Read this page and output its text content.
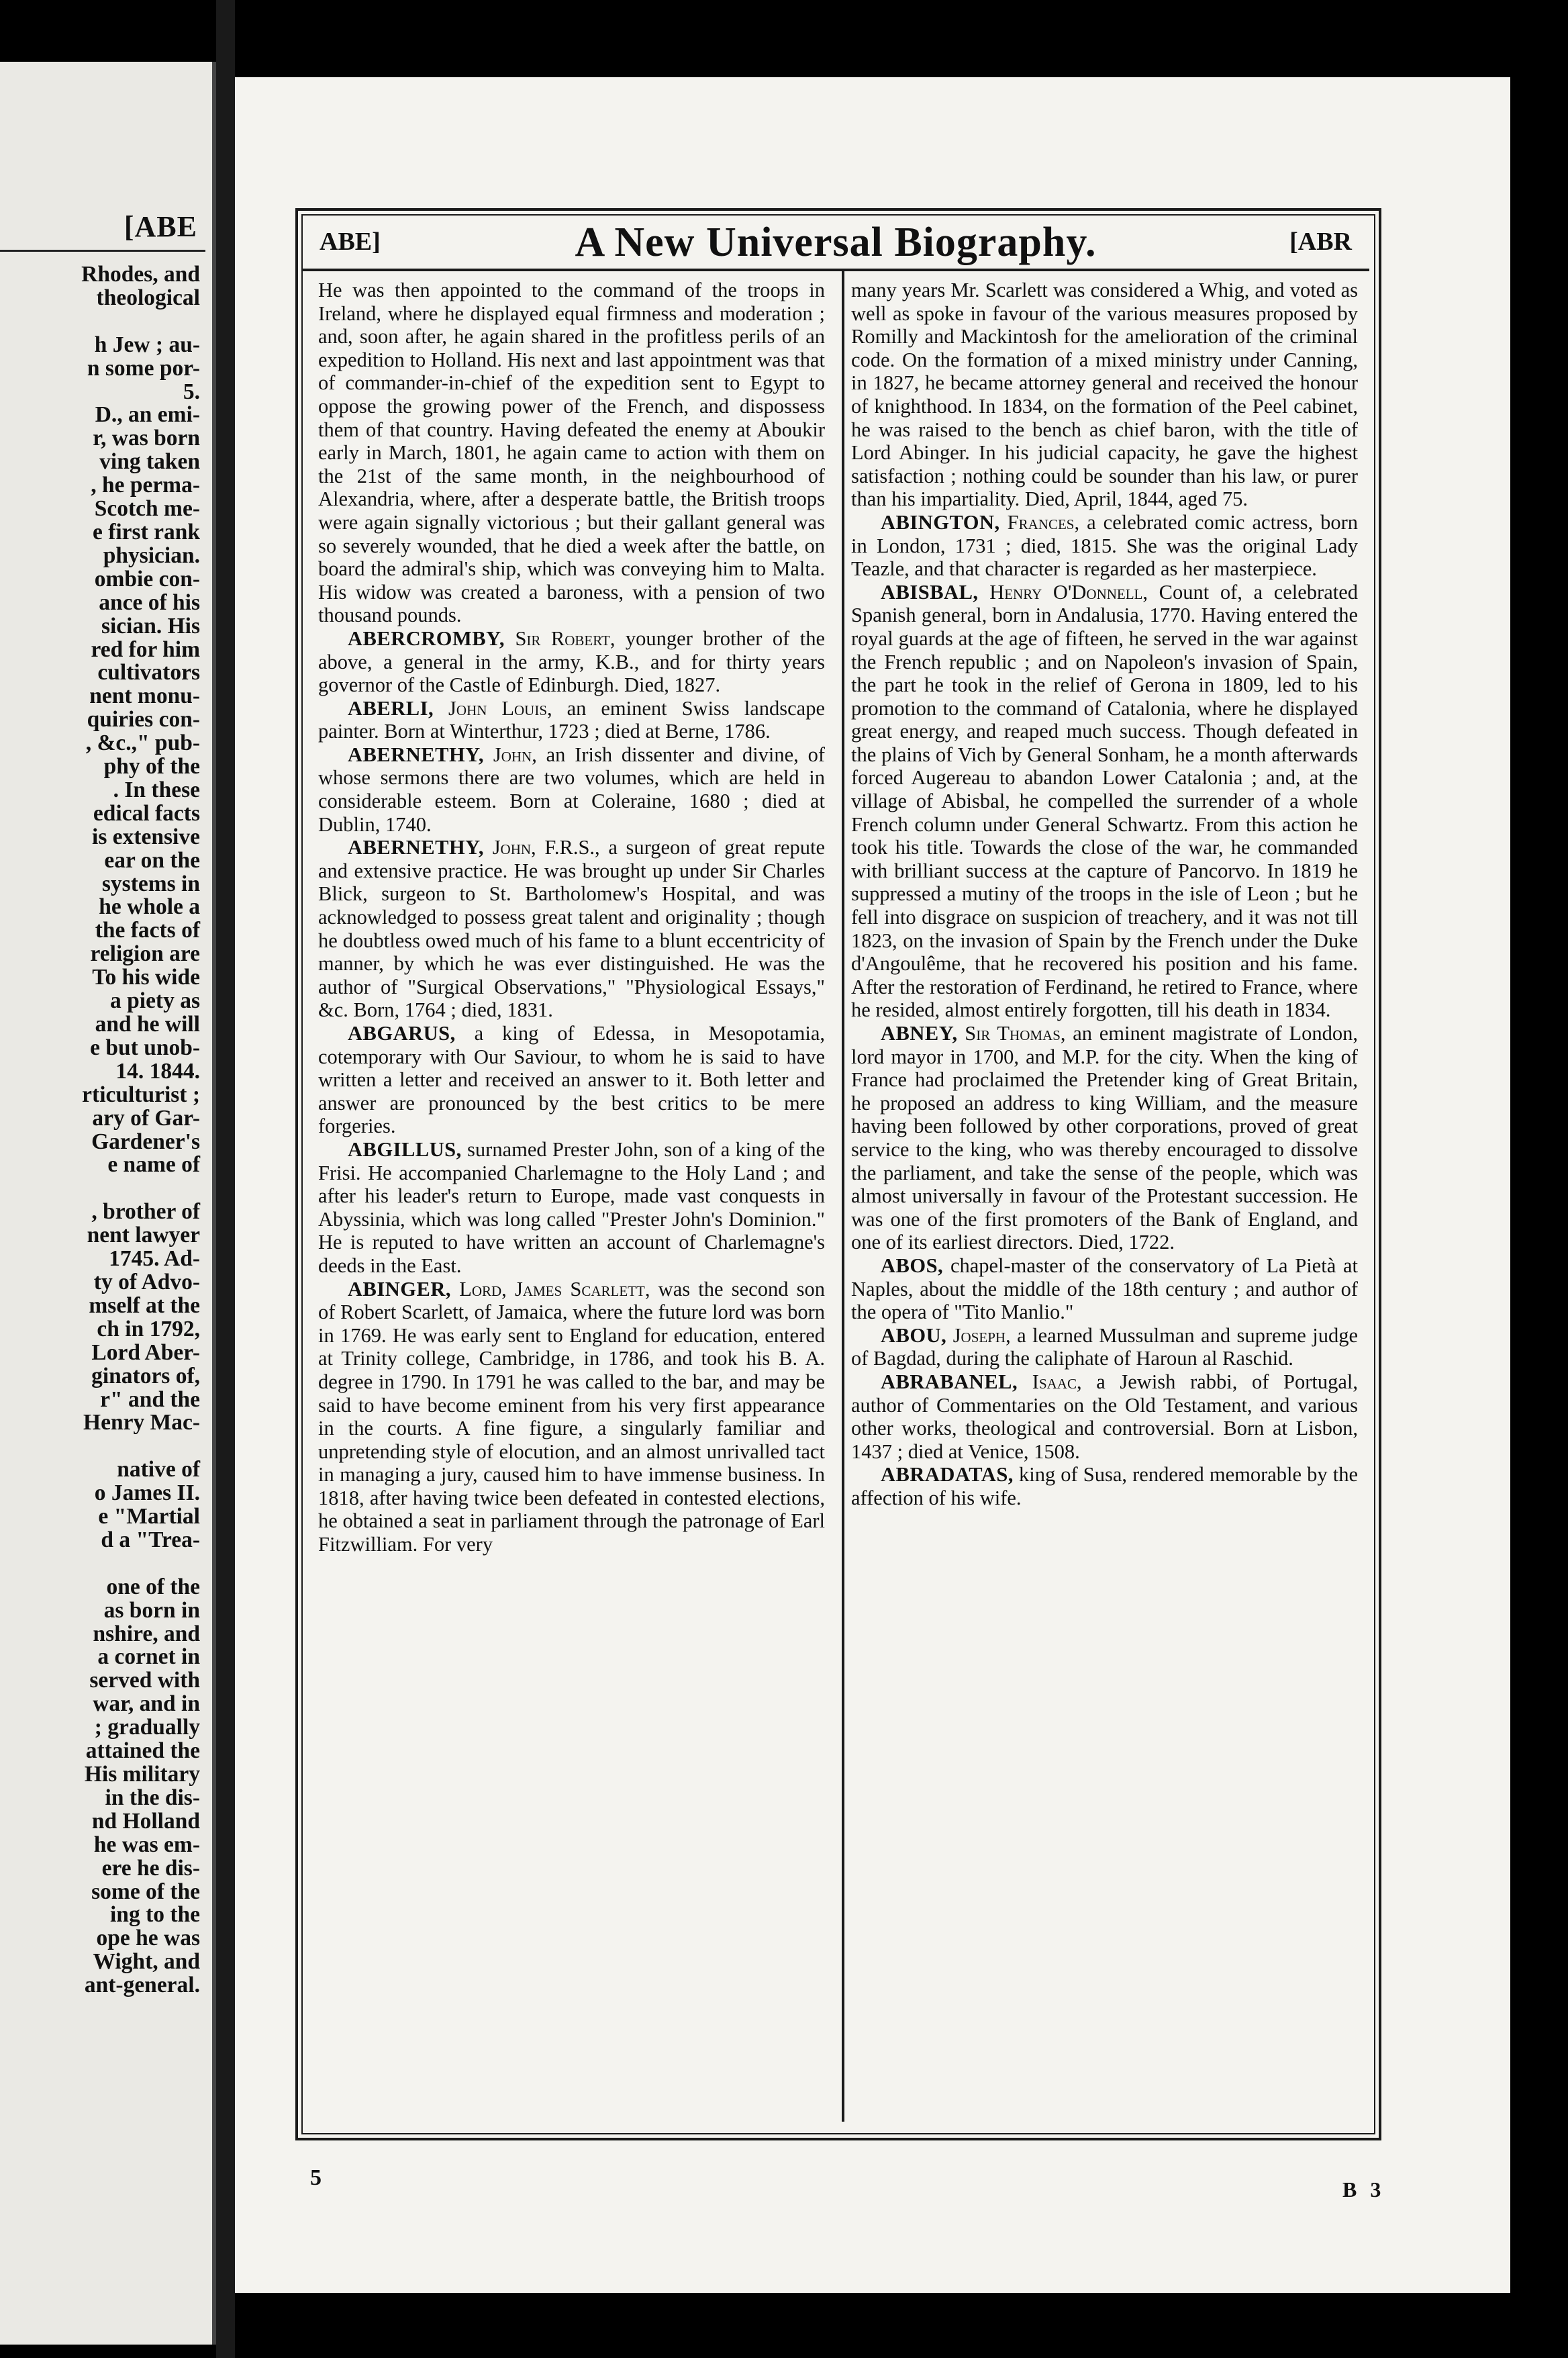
[ABE
Rhodes, and
theological

h Jew ; au-
n some por-
5.
D., an emi-
r, was born
ving taken
, he perma-
Scotch me-
e first rank
physician.
ombie con-
ance of his
sician. His
red for him
cultivators
nent monu-
quiries con-
, &c.," pub-
phy of the
. In these
edical facts
is extensive
ear on the
systems in
he whole a
the facts of
religion are
To his wide
a piety as
and he will
e but unob-
14. 1844.
rticulturist ;
ary of Gar-
Gardener's
e name of

, brother of
nent lawyer
1745. Ad-
ty of Advo-
mself at the
ch in 1792,
Lord Aber-
ginators of,
r" and the
Henry Mac-

native of
o James II.
e "Martial
d a "Trea-

one of the
as born in
nshire, and
a cornet in
served with
war, and in
; gradually
attained the
His military
in the dis-
nd Holland
he was em-
ere he dis-
some of the
ing to the
ope he was
Wight, and
ant-general.
ABE]	A New Universal Biography.	[ABR

He was then appointed to the command of the troops in Ireland, where he displayed equal firmness and moderation ; and, soon after, he again shared in the profitless perils of an expedition to Holland. His next and last appointment was that of commander-in-chief of the expedition sent to Egypt to oppose the growing power of the French, and dispossess them of that country. Having defeated the enemy at Aboukir early in March, 1801, he again came to action with them on the 21st of the same month, in the neighbourhood of Alexandria, where, after a desperate battle, the British troops were again signally victorious ; but their gallant general was so severely wounded, that he died a week after the battle, on board the admiral's ship, which was conveying him to Malta. His widow was created a baroness, with a pension of two thousand pounds.

ABERCROMBY, Sir Robert, younger brother of the above, a general in the army, K.B., and for thirty years governor of the Castle of Edinburgh. Died, 1827.

ABERLI, John Louis, an eminent Swiss landscape painter. Born at Winterthur, 1723 ; died at Berne, 1786.

ABERNETHY, John, an Irish dissenter and divine, of whose sermons there are two volumes, which are held in considerable esteem. Born at Coleraine, 1680 ; died at Dublin, 1740.

ABERNETHY, John, F.R.S., a surgeon of great repute and extensive practice. He was brought up under Sir Charles Blick, surgeon to St. Bartholomew's Hospital, and was acknowledged to possess great talent and originality ; though he doubtless owed much of his fame to a blunt eccentricity of manner, by which he was ever distinguished. He was the author of "Surgical Observations," "Physiological Essays," &c. Born, 1764 ; died, 1831.

ABGARUS, a king of Edessa, in Mesopotamia, cotemporary with Our Saviour, to whom he is said to have written a letter and received an answer to it. Both letter and answer are pronounced by the best critics to be mere forgeries.

ABGILLUS, surnamed Prester John, son of a king of the Frisi. He accompanied Charlemagne to the Holy Land ; and after his leader's return to Europe, made vast conquests in Abyssinia, which was long called "Prester John's Dominion." He is reputed to have written an account of Charlemagne's deeds in the East.

ABINGER, Lord, James Scarlett, was the second son of Robert Scarlett, of Jamaica, where the future lord was born in 1769. He was early sent to England for education, entered at Trinity college, Cambridge, in 1786, and took his B. A. degree in 1790. In 1791 he was called to the bar, and may be said to have become eminent from his very first appearance in the courts. A fine figure, a singularly familiar and unpretending style of elocution, and an almost unrivalled tact in managing a jury, caused him to have immense business. In 1818, after having twice been defeated in contested elections, he obtained a seat in parliament through the patronage of Earl Fitzwilliam. For very

many years Mr. Scarlett was considered a Whig, and voted as well as spoke in favour of the various measures proposed by Romilly and Mackintosh for the amelioration of the criminal code. On the formation of a mixed ministry under Canning, in 1827, he became attorney general and received the honour of knighthood. In 1834, on the formation of the Peel cabinet, he was raised to the bench as chief baron, with the title of Lord Abinger. In his judicial capacity, he gave the highest satisfaction ; nothing could be sounder than his law, or purer than his impartiality. Died, April, 1844, aged 75.

ABINGTON, Frances, a celebrated comic actress, born in London, 1731 ; died, 1815. She was the original Lady Teazle, and that character is regarded as her masterpiece.

ABISBAL, Henry O'Donnell, Count of, a celebrated Spanish general, born in Andalusia, 1770. Having entered the royal guards at the age of fifteen, he served in the war against the French republic ; and on Napoleon's invasion of Spain, the part he took in the relief of Gerona in 1809, led to his promotion to the command of Catalonia, where he displayed great energy, and reaped much success. Though defeated in the plains of Vich by General Sonham, he a month afterwards forced Augereau to abandon Lower Catalonia ; and, at the village of Abisbal, he compelled the surrender of a whole French column under General Schwartz. From this action he took his title. Towards the close of the war, he commanded with brilliant success at the capture of Pancorvo. In 1819 he suppressed a mutiny of the troops in the isle of Leon ; but he fell into disgrace on suspicion of treachery, and it was not till 1823, on the invasion of Spain by the French under the Duke d'Angoulême, that he recovered his position and his fame. After the restoration of Ferdinand, he retired to France, where he resided, almost entirely forgotten, till his death in 1834.

ABNEY, Sir Thomas, an eminent magistrate of London, lord mayor in 1700, and M.P. for the city. When the king of France had proclaimed the Pretender king of Great Britain, he proposed an address to king William, and the measure having been followed by other corporations, proved of great service to the king, who was thereby encouraged to dissolve the parliament, and take the sense of the people, which was almost universally in favour of the Protestant succession. He was one of the first promoters of the Bank of England, and one of its earliest directors. Died, 1722.

ABOS, chapel-master of the conservatory of La Pietà at Naples, about the middle of the 18th century ; and author of the opera of "Tito Manlio."

ABOU, Joseph, a learned Mussulman and supreme judge of Bagdad, during the caliphate of Haroun al Raschid.

ABRABANEL, Isaac, a Jewish rabbi, of Portugal, author of Commentaries on the Old Testament, and various other works, theological and controversial. Born at Lisbon, 1437 ; died at Venice, 1508.

ABRADATAS, king of Susa, rendered memorable by the affection of his wife.

5	B 3
